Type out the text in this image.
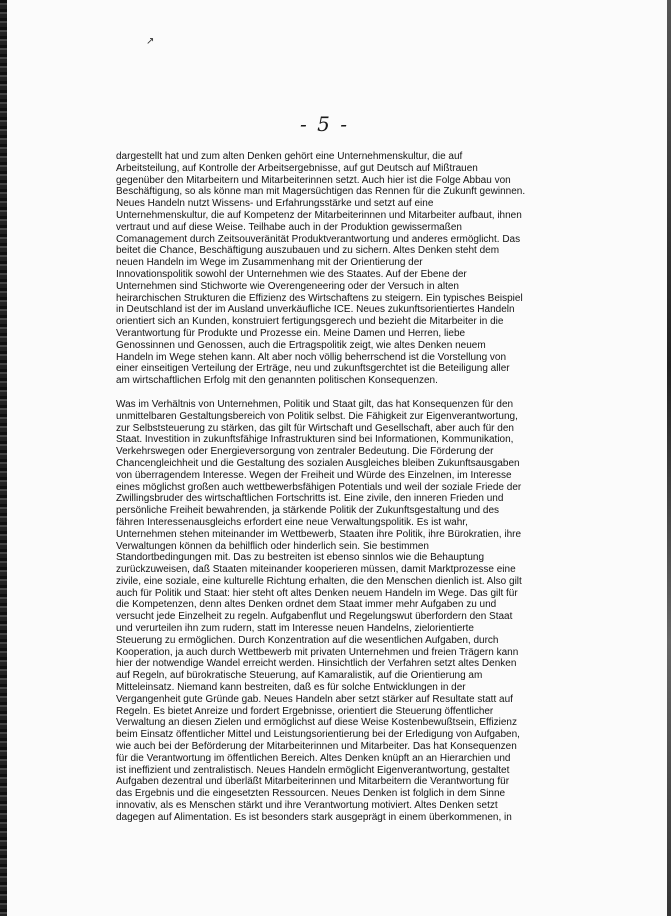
↗
- 5 -

dargestellt hat und zum alten Denken gehört eine Unternehmenskultur, die auf
Arbeitsteilung, auf Kontrolle der Arbeitsergebnisse, auf gut Deutsch auf Mißtrauen
gegenüber den Mitarbeitern und Mitarbeiterinnen setzt. Auch hier ist die Folge Abbau von
Beschäftigung, so als könne man mit Magersüchtigen das Rennen für die Zukunft gewinnen.
Neues Handeln nutzt Wissens- und Erfahrungsstärke und setzt auf eine
Unternehmenskultur, die auf Kompetenz der Mitarbeiterinnen und Mitarbeiter aufbaut, ihnen
vertraut und auf diese Weise. Teilhabe auch in der Produktion gewissermaßen
Comanagement durch Zeitsouveränität Produktverantwortung und anderes ermöglicht. Das
beitet die Chance, Beschäftigung auszubauen und zu sichern. Altes Denken steht dem
neuen Handeln im Wege im Zusammenhang mit der Orientierung der
Innovationspolitik sowohl der Unternehmen wie des Staates. Auf der Ebene der
Unternehmen sind Stichworte wie Overengeneering oder der Versuch in alten
heirarchischen Strukturen die Effizienz des Wirtschaftens zu steigern. Ein typisches Beispiel
in Deutschland ist der im Ausland unverkäufliche ICE. Neues zukunftsorientiertes Handeln
orientiert sich an Kunden, konstruiert fertigungsgerech und bezieht die Mitarbeiter in die
Verantwortung für Produkte und Prozesse ein. Meine Damen und Herren, liebe
Genossinnen und Genossen, auch die Ertragspolitik zeigt, wie altes Denken neuem
Handeln im Wege stehen kann. Alt aber noch völlig beherrschend ist die Vorstellung von
einer einseitigen Verteilung der Erträge, neu und zukunftsgerchtet ist die Beteiligung aller
am wirtschaftlichen Erfolg mit den genannten politischen Konsequenzen.

Was im Verhältnis von Unternehmen, Politik und Staat gilt, das hat Konsequenzen für den
unmittelbaren Gestaltungsbereich von Politik selbst. Die Fähigkeit zur Eigenverantwortung,
zur Selbststeuerung zu stärken, das gilt für Wirtschaft und Gesellschaft, aber auch für den
Staat. Investition in zukunftsfähige Infrastrukturen sind bei Informationen, Kommunikation,
Verkehrswegen oder Energieversorgung von zentraler Bedeutung. Die Förderung der
Chancengleichheit und die Gestaltung des sozialen Ausgleiches bleiben Zukunftsausgaben
von überragendem Interesse. Wegen der Freiheit und Würde des Einzelnen, im Interesse
eines möglichst großen auch wettbewerbsfähigen Potentials und weil der soziale Friede der
Zwillingsbruder des wirtschaftlichen Fortschritts ist. Eine zivile, den inneren Frieden und
persönliche Freiheit bewahrenden, ja stärkende Politik der Zukunftsgestaltung und des
fähren Interessenausgleichs erfordert eine neue Verwaltungspolitik. Es ist wahr,
Unternehmen stehen miteinander im Wettbewerb, Staaten ihre Politik, ihre Bürokratien, ihre
Verwaltungen können da behilflich oder hinderlich sein. Sie bestimmen
Standortbedingungen mit. Das zu bestreiten ist ebenso sinnlos wie die Behauptung
zurückzuweisen, daß Staaten miteinander kooperieren müssen, damit Marktprozesse eine
zivile, eine soziale, eine kulturelle Richtung erhalten, die den Menschen dienlich ist. Also gilt
auch für Politik und Staat: hier steht oft altes Denken neuem Handeln im Wege. Das gilt für
die Kompetenzen, denn altes Denken ordnet dem Staat immer mehr Aufgaben zu und
versucht jede Einzelheit zu regeln. Aufgabenflut und Regelungswut überfordern den Staat
und verurteilen ihn zum rudern, statt im Interesse neuen Handelns, zielorientierte
Steuerung zu ermöglichen. Durch Konzentration auf die wesentlichen Aufgaben, durch
Kooperation, ja auch durch Wettbewerb mit privaten Unternehmen und freien Trägern kann
hier der notwendige Wandel erreicht werden. Hinsichtlich der Verfahren setzt altes Denken
auf Regeln, auf bürokratische Steuerung, auf Kamaralistik, auf die Orientierung am
Mitteleinsatz. Niemand kann bestreiten, daß es für solche Entwicklungen in der
Vergangenheit gute Gründe gab. Neues Handeln aber setzt stärker auf Resultate statt auf
Regeln. Es bietet Anreize und fordert Ergebnisse, orientiert die Steuerung öffentlicher
Verwaltung an diesen Zielen und ermöglichst auf diese Weise Kostenbewußtsein, Effizienz
beim Einsatz öffentlicher Mittel und Leistungsorientierung bei der Erledigung von Aufgaben,
wie auch bei der Beförderung der Mitarbeiterinnen und Mitarbeiter. Das hat Konsequenzen
für die Verantwortung im öffentlichen Bereich. Altes Denken knüpft an an Hierarchien und
ist ineffizient und zentralistisch. Neues Handeln ermöglicht Eigenverantwortung, gestaltet
Aufgaben dezentral und überläßt Mitarbeiterinnen und Mitarbeitern die Verantwortung für
das Ergebnis und die eingesetzten Ressourcen. Neues Denken ist folglich in dem Sinne
innovativ, als es Menschen stärkt und ihre Verantwortung motiviert. Altes Denken setzt
dagegen auf Alimentation. Es ist besonders stark ausgeprägt in einem überkommenen, in
